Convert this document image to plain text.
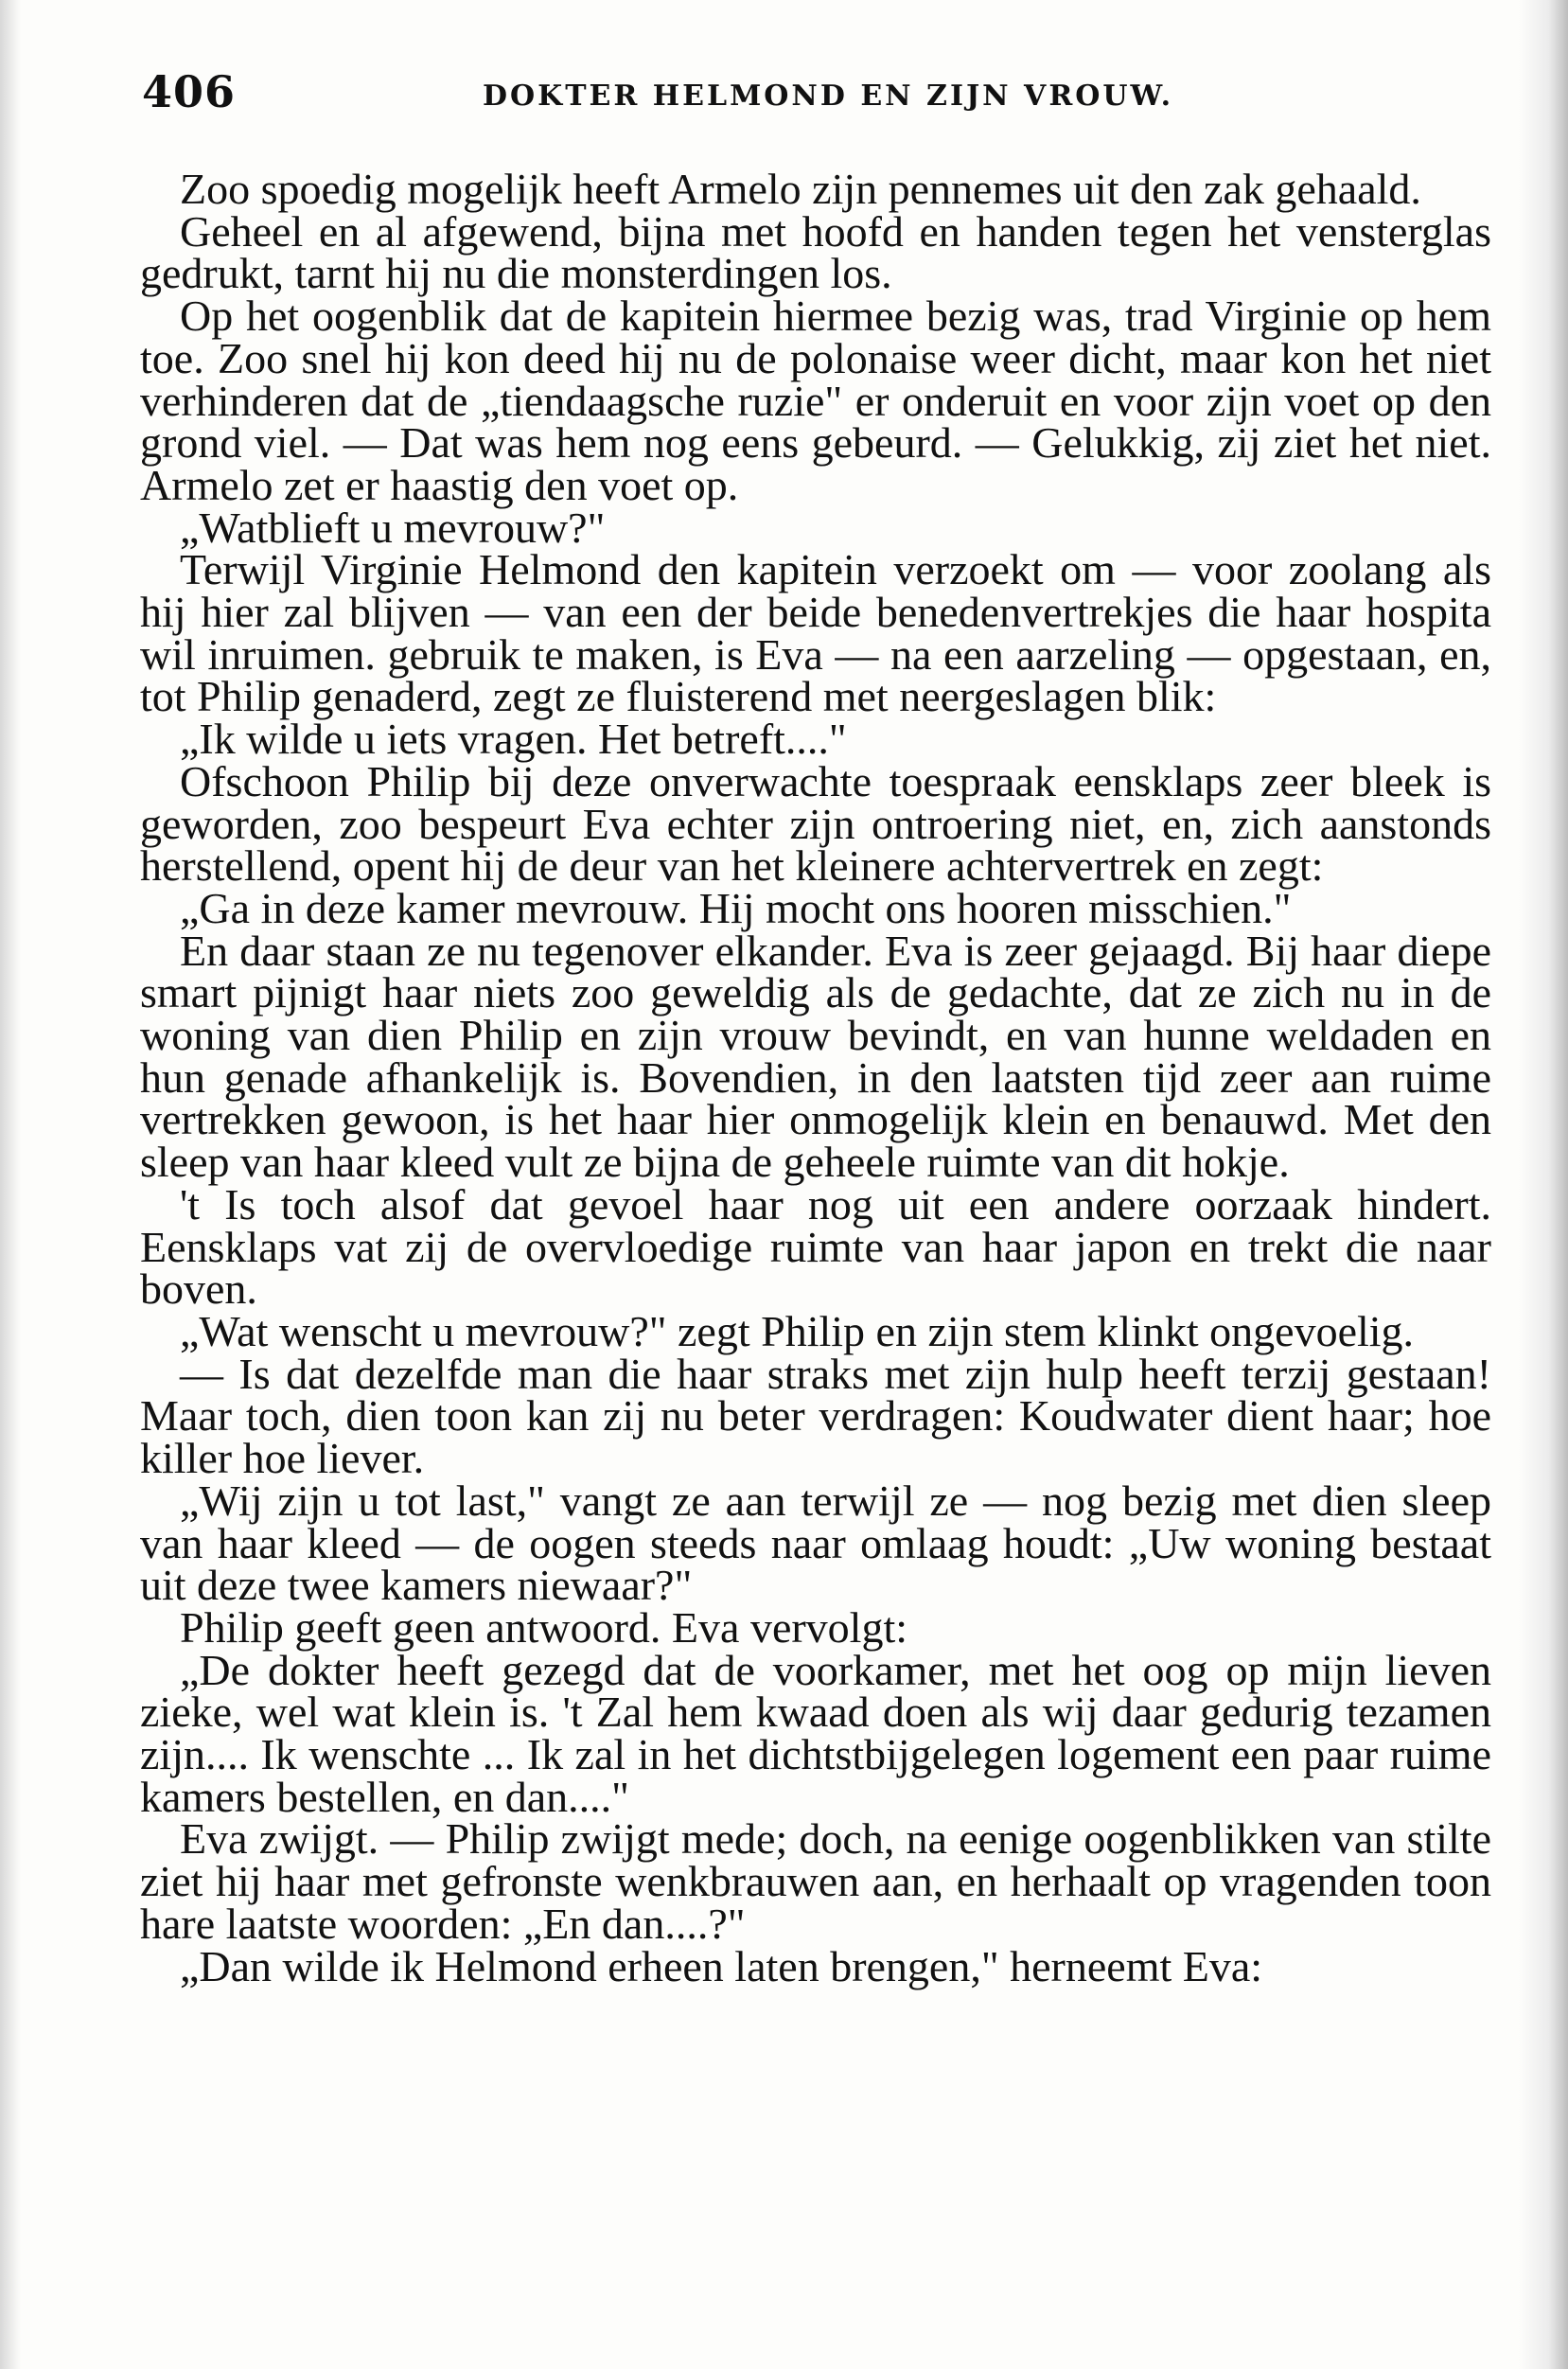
406	DOKTER HELMOND EN ZIJN VROUW.

Zoo spoedig mogelijk heeft Armelo zijn pennemes uit den zak gehaald.

Geheel en al afgewend, bijna met hoofd en handen tegen het vensterglas gedrukt, tarnt hij nu die monsterdingen los.

Op het oogenblik dat de kapitein hiermee bezig was, trad Virginie op hem toe. Zoo snel hij kon deed hij nu de polonaise weer dicht, maar kon het niet verhinderen dat de „tiendaagsche ruzie" er onderuit en voor zijn voet op den grond viel. — Dat was hem nog eens gebeurd. — Gelukkig, zij ziet het niet. Armelo zet er haastig den voet op.

„Watblieft u mevrouw?"

Terwijl Virginie Helmond den kapitein verzoekt om — voor zoolang als hij hier zal blijven — van een der beide benedenvertrekjes die haar hospita wil inruimen. gebruik te maken, is Eva — na een aarzeling — opgestaan, en, tot Philip genaderd, zegt ze fluisterend met neergeslagen blik:

„Ik wilde u iets vragen. Het betreft...."

Ofschoon Philip bij deze onverwachte toespraak eensklaps zeer bleek is geworden, zoo bespeurt Eva echter zijn ontroering niet, en, zich aanstonds herstellend, opent hij de deur van het kleinere achtervertrek en zegt:

„Ga in deze kamer mevrouw. Hij mocht ons hooren misschien."

En daar staan ze nu tegenover elkander. Eva is zeer gejaagd. Bij haar diepe smart pijnigt haar niets zoo geweldig als de gedachte, dat ze zich nu in de woning van dien Philip en zijn vrouw bevindt, en van hunne weldaden en hun genade afhankelijk is. Bovendien, in den laatsten tijd zeer aan ruime vertrekken gewoon, is het haar hier onmogelijk klein en benauwd. Met den sleep van haar kleed vult ze bijna de geheele ruimte van dit hokje.

't Is toch alsof dat gevoel haar nog uit een andere oorzaak hindert. Eensklaps vat zij de overvloedige ruimte van haar japon en trekt die naar boven.

„Wat wenscht u mevrouw?" zegt Philip en zijn stem klinkt ongevoelig.

— Is dat dezelfde man die haar straks met zijn hulp heeft terzij gestaan! Maar toch, dien toon kan zij nu beter verdragen: Koudwater dient haar; hoe killer hoe liever.

„Wij zijn u tot last," vangt ze aan terwijl ze — nog bezig met dien sleep van haar kleed — de oogen steeds naar omlaag houdt: „Uw woning bestaat uit deze twee kamers niewaar?"

Philip geeft geen antwoord. Eva vervolgt:

„De dokter heeft gezegd dat de voorkamer, met het oog op mijn lieven zieke, wel wat klein is. 't Zal hem kwaad doen als wij daar gedurig tezamen zijn.... Ik wenschte ... Ik zal in het dichtstbijgelegen logement een paar ruime kamers bestellen, en dan...."

Eva zwijgt. — Philip zwijgt mede; doch, na eenige oogenblikken van stilte ziet hij haar met gefronste wenkbrauwen aan, en herhaalt op vragenden toon hare laatste woorden: „En dan....?"

„Dan wilde ik Helmond erheen laten brengen," herneemt Eva:
